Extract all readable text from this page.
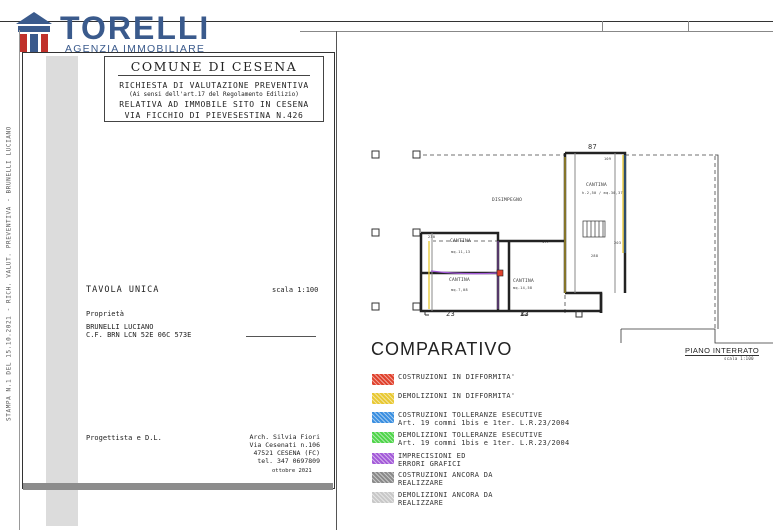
TORELLI
AGENZIA IMMOBILIARE
STAMPA N.1 DEL 15.10.2021 - RICH. VALUT. PREVENTIVA - BRUNELLI LUCIANO
COMUNE DI CESENA
RICHIESTA DI VALUTAZIONE PREVENTIVA
(Ai sensi dell'art.17 del Regolamento Edilizio)
RELATIVA AD IMMOBILE SITO IN CESENA
VIA FICCHIO DI PIEVESESTINA N.426
TAVOLA UNICA	scala 1:100
Proprietà
BRUNELLI LUCIANO
C.F. BRN LCN 52E 06C 573E
Progettista e D.L.	Arch. Silvia Fiori
Via Cesenati n.106
47521 CESENA (FC)
tel. 347 0697809
ottobre 2021
87
DISIMPEGNO
CANTINA
h.2,50 / mq.30,37
CANTINA
mq.11,13
CANTINA
mq.7,08
CANTINA
mq.14,58
109
203
177
230
288
23	23
PIANO INTERRATO
scala 1:100
COMPARATIVO
COSTRUZIONI IN DIFFORMITA'
DEMOLIZIONI IN DIFFORMITA'
COSTRUZIONI TOLLERANZE ESECUTIVE
Art. 19 commi 1bis e 1ter. L.R.23/2004
DEMOLIZIONI TOLLERANZE ESECUTIVE
Art. 19 commi 1bis e 1ter. L.R.23/2004
IMPRECISIONI ED
ERRORI GRAFICI
COSTRUZIONI ANCORA DA
REALIZZARE
DEMOLIZIONI ANCORA DA
REALIZZARE
